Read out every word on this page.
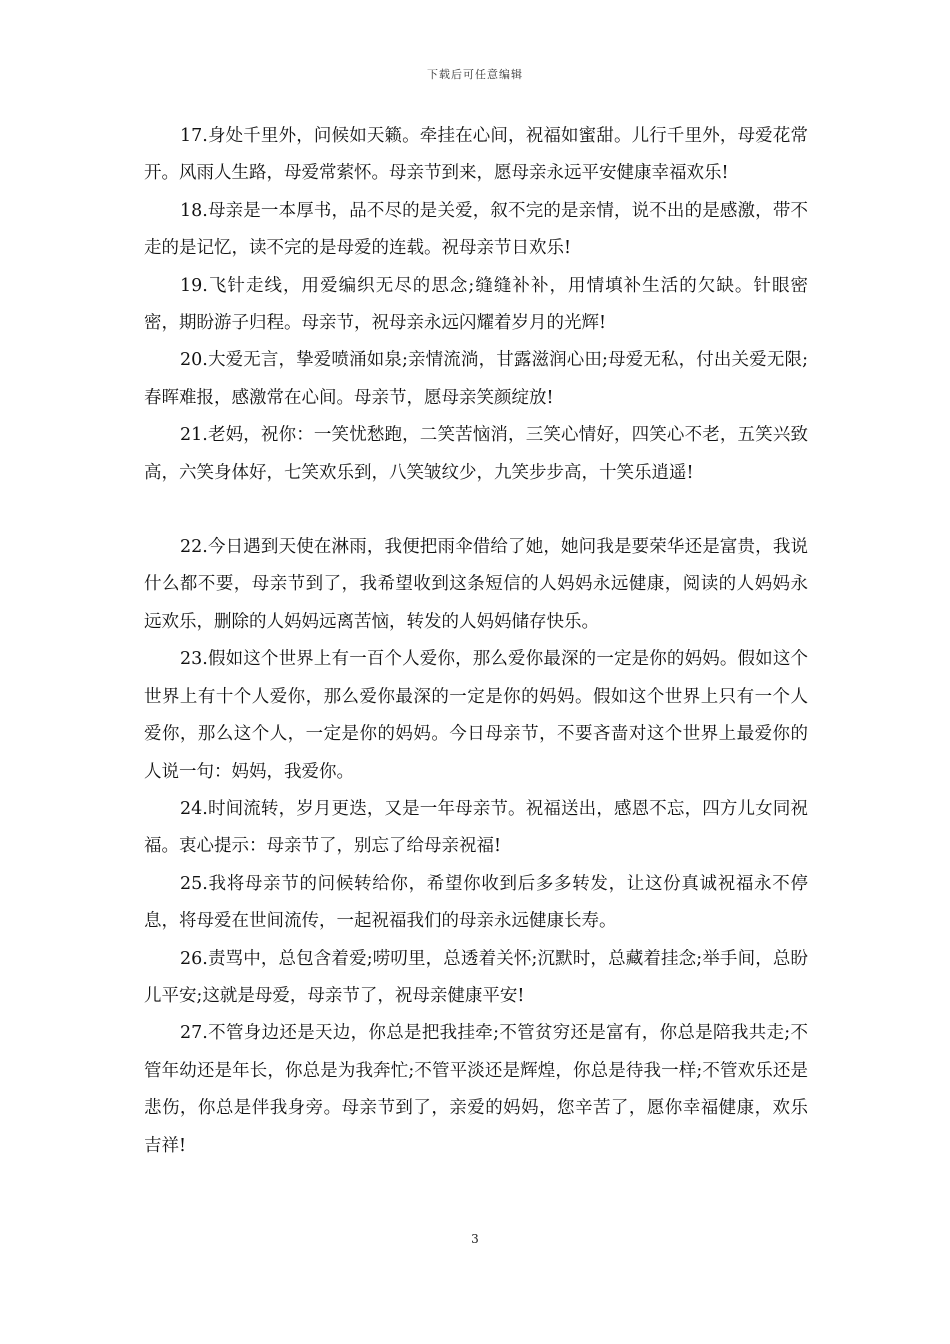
下载后可任意编辑

17.身处千里外，问候如天籁。牵挂在心间，祝福如蜜甜。儿行千里外，母爱花常开。风雨人生路，母爱常萦怀。母亲节到来，愿母亲永远平安健康幸福欢乐!

18.母亲是一本厚书，品不尽的是关爱，叙不完的是亲情，说不出的是感激，带不走的是记忆，读不完的是母爱的连载。祝母亲节日欢乐!

19.飞针走线，用爱编织无尽的思念;缝缝补补，用情填补生活的欠缺。针眼密密，期盼游子归程。母亲节，祝母亲永远闪耀着岁月的光辉!

20.大爱无言，挚爱喷涌如泉;亲情流淌，甘露滋润心田;母爱无私，付出关爱无限;春晖难报，感激常在心间。母亲节，愿母亲笑颜绽放!

21.老妈，祝你：一笑忧愁跑，二笑苦恼消，三笑心情好，四笑心不老，五笑兴致高，六笑身体好，七笑欢乐到，八笑皱纹少，九笑步步高，十笑乐逍遥!

22.今日遇到天使在淋雨，我便把雨伞借给了她，她问我是要荣华还是富贵，我说什么都不要，母亲节到了，我希望收到这条短信的人妈妈永远健康，阅读的人妈妈永远欢乐，删除的人妈妈远离苦恼，转发的人妈妈储存快乐。

23.假如这个世界上有一百个人爱你，那么爱你最深的一定是你的妈妈。假如这个世界上有十个人爱你，那么爱你最深的一定是你的妈妈。假如这个世界上只有一个人爱你，那么这个人，一定是你的妈妈。今日母亲节，不要吝啬对这个世界上最爱你的人说一句：妈妈，我爱你。

24.时间流转，岁月更迭，又是一年母亲节。祝福送出，感恩不忘，四方儿女同祝福。衷心提示：母亲节了，别忘了给母亲祝福!

25.我将母亲节的问候转给你，希望你收到后多多转发，让这份真诚祝福永不停息，将母爱在世间流传，一起祝福我们的母亲永远健康长寿。

26.责骂中，总包含着爱;唠叨里，总透着关怀;沉默时，总藏着挂念;举手间，总盼儿平安;这就是母爱，母亲节了，祝母亲健康平安!

27.不管身边还是天边，你总是把我挂牵;不管贫穷还是富有，你总是陪我共走;不管年幼还是年长，你总是为我奔忙;不管平淡还是辉煌，你总是待我一样;不管欢乐还是悲伤，你总是伴我身旁。母亲节到了，亲爱的妈妈，您辛苦了，愿你幸福健康，欢乐吉祥!

3
